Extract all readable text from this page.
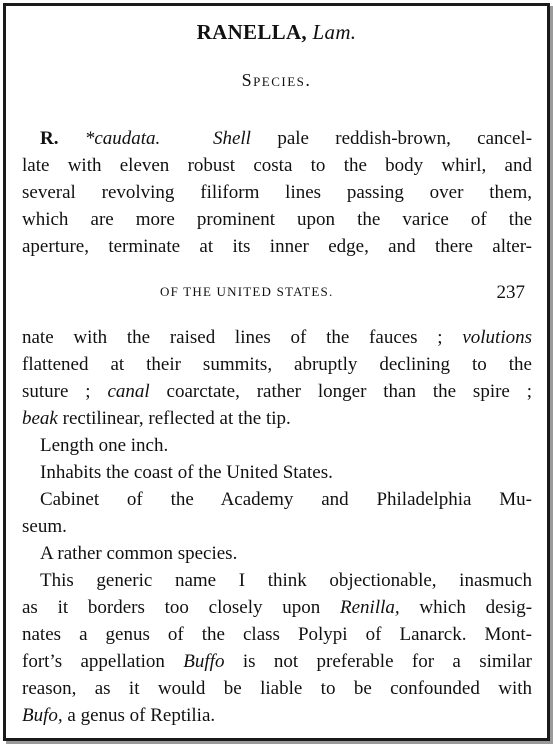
RANELLA, Lam.
Species.
R. *caudata.	Shell pale reddish-brown, cancel-
late with eleven robust costa to the body whirl, and
several revolving filiform lines passing over them,
which are more prominent upon the varice of the
aperture, terminate at its inner edge, and there alter-
OF THE UNITED STATES.	237
nate with the raised lines of the fauces ; volutions
flattened at their summits, abruptly declining to the
suture ; canal coarctate, rather longer than the spire ;
beak rectilinear, reflected at the tip.
Length one inch.
Inhabits the coast of the United States.
Cabinet of the Academy and Philadelphia Mu-
seum.
A rather common species.
This generic name I think objectionable, inasmuch
as it borders too closely upon Renilla, which desig-
nates a genus of the class Polypi of Lanarck. Mont-
fort’s appellation Buffo is not preferable for a similar
reason, as it would be liable to be confounded with
Bufo, a genus of Reptilia.
